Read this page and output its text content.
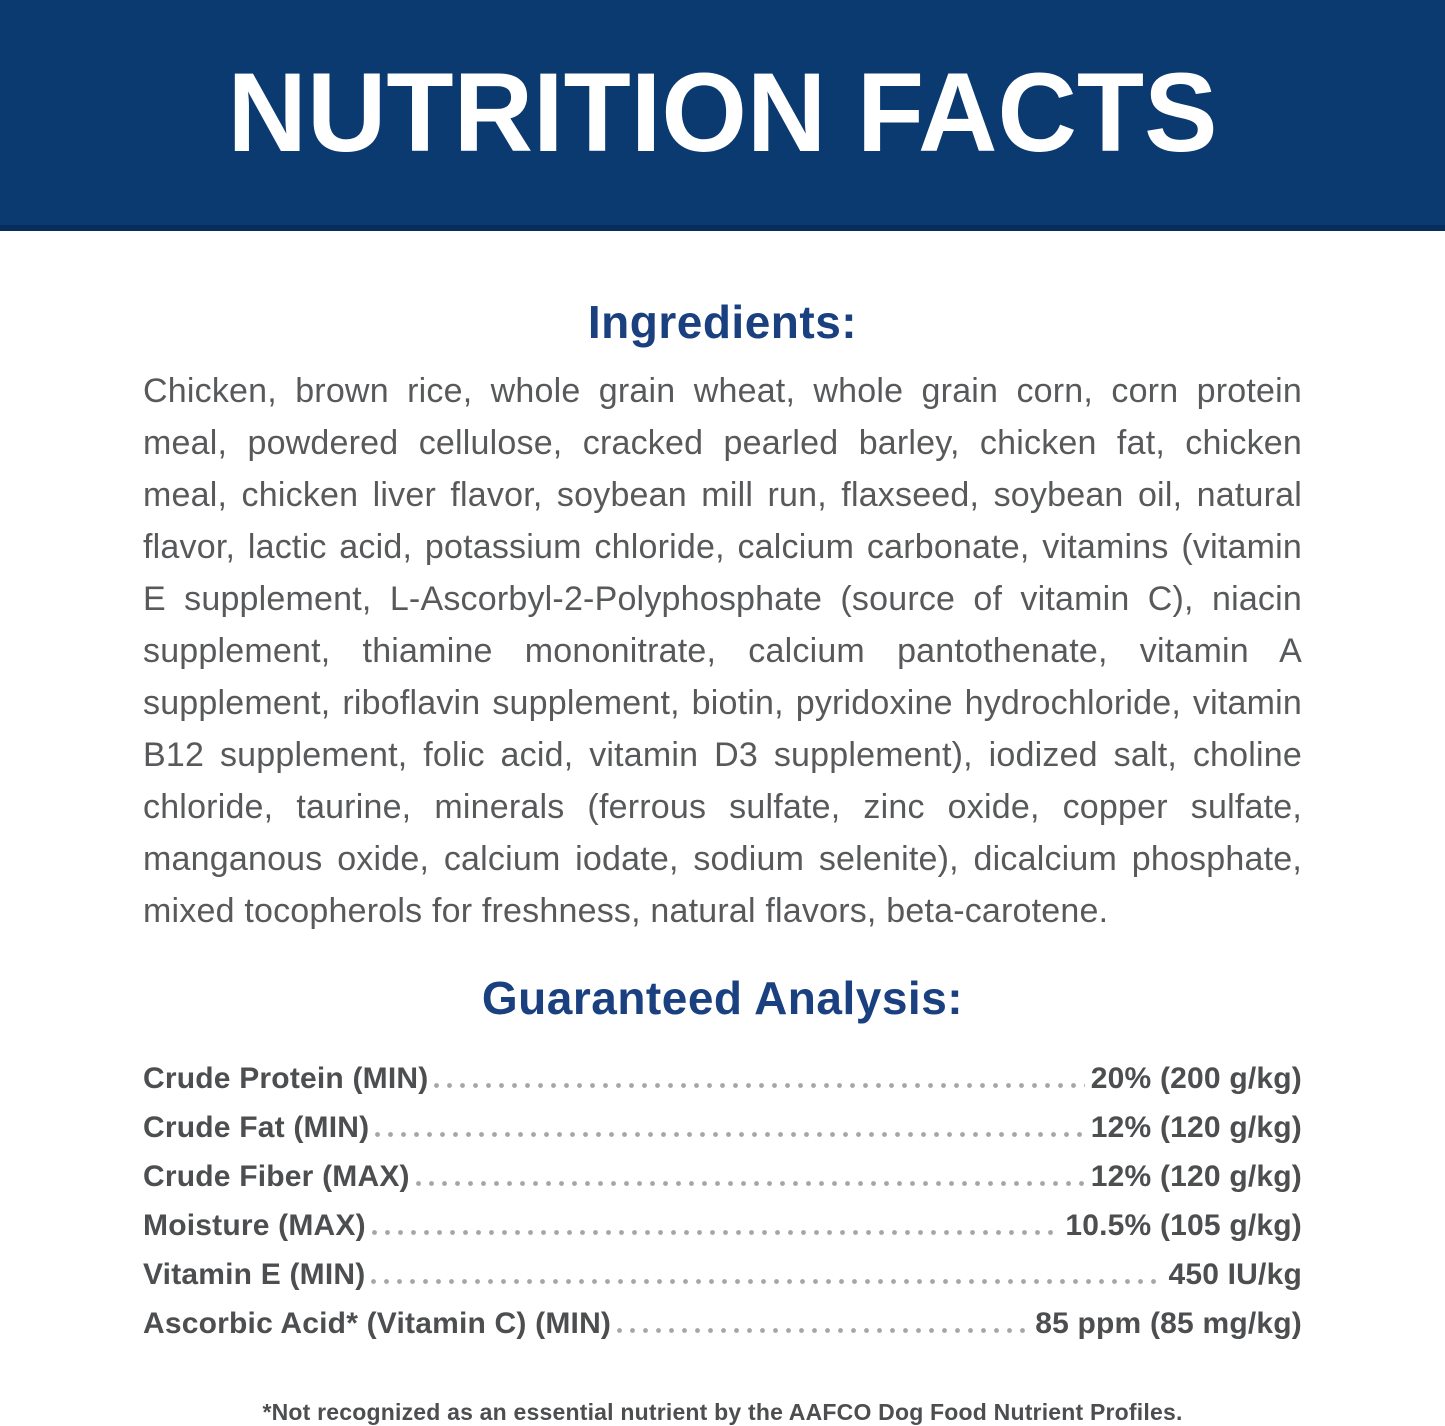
NUTRITION FACTS
Ingredients:
Chicken, brown rice, whole grain wheat, whole grain corn, corn protein meal, powdered cellulose, cracked pearled barley, chicken fat, chicken meal, chicken liver flavor, soybean mill run, flaxseed, soybean oil, natural flavor, lactic acid, potassium chloride, calcium carbonate, vitamins (vitamin E supplement, L-Ascorbyl-2-Polyphosphate (source of vitamin C), niacin supplement, thiamine mononitrate, calcium pantothenate, vitamin A supplement, riboflavin supplement, biotin, pyridoxine hydrochloride, vitamin B12 supplement, folic acid, vitamin D3 supplement), iodized salt, choline chloride, taurine, minerals (ferrous sulfate, zinc oxide, copper sulfate, manganous oxide, calcium iodate, sodium selenite), dicalcium phosphate, mixed tocopherols for freshness, natural flavors, beta-carotene.
Guaranteed Analysis:
Crude Protein (MIN)	20% (200 g/kg)
Crude Fat (MIN)	12% (120 g/kg)
Crude Fiber (MAX)	12% (120 g/kg)
Moisture (MAX)	10.5% (105 g/kg)
Vitamin E (MIN)	450 IU/kg
Ascorbic Acid* (Vitamin C) (MIN)	85 ppm (85 mg/kg)
*Not recognized as an essential nutrient by the AAFCO Dog Food Nutrient Profiles.
